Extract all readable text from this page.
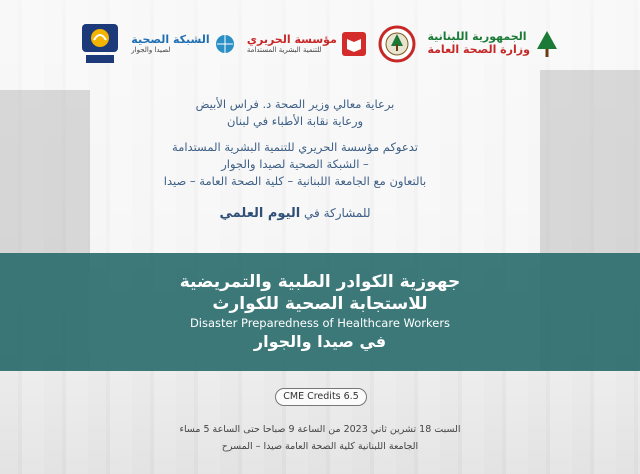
الشبكة الصحية
لصيدا والجوار
مؤسسة الحريري
للتنمية البشرية المستدامة
الجمهورية اللبنانية
وزارة الصحة العامة

برعاية معالي وزير الصحة د. فراس الأبيض

ورعاية نقابة الأطباء في لبنان

تدعوكم مؤسسة الحريري للتنمية البشرية المستدامة

– الشبكة الصحية لصيدا والجوار

بالتعاون مع الجامعة اللبنانية – كلية الصحة العامة – صيدا

للمشاركة في اليوم العلمي

جهوزية الكوادر الطبية والتمريضية
للاستجابة الصحية للكوارث
Disaster Preparedness of Healthcare Workers
في صيدا والجوار
CME Credits 6.5
السبت 18 تشرين ثاني 2023 من الساعة 9 صباحا حتى الساعة 5 مساء
الجامعة اللبنانية كلية الصحة العامة صيدا – المسرح
